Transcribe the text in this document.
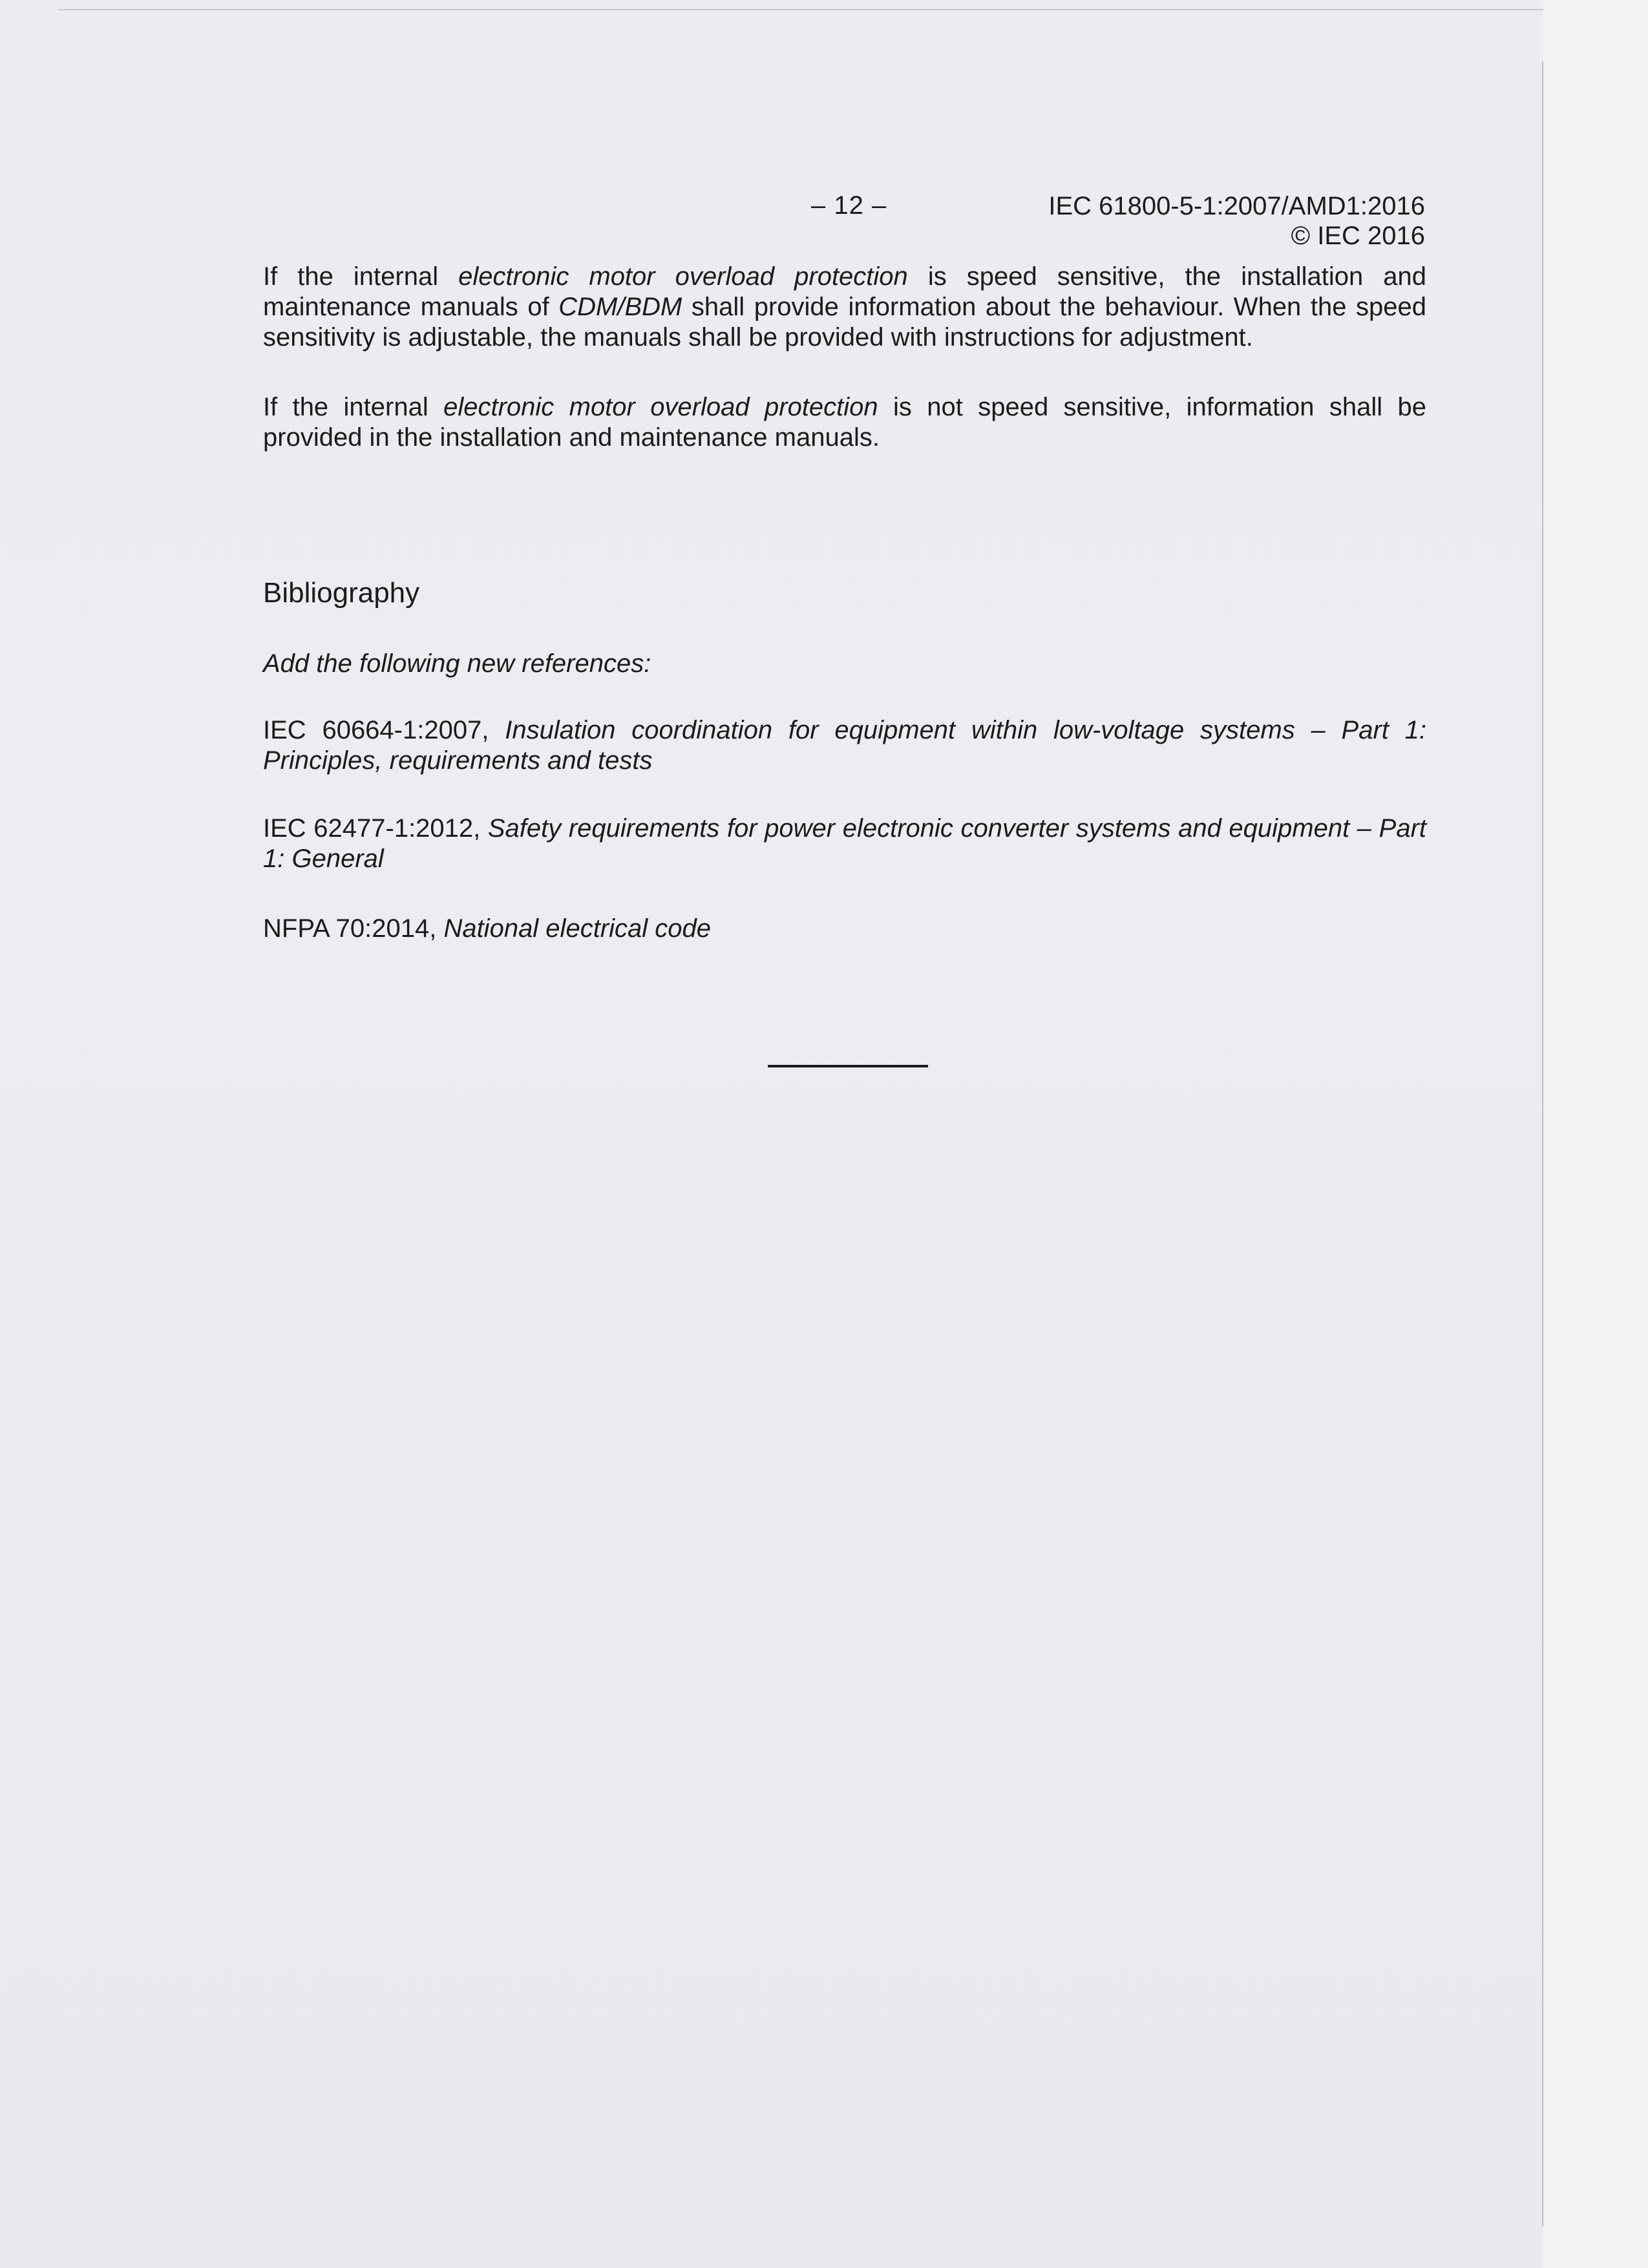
– 12 –	IEC 61800-5-1:2007/AMD1:2016
© IEC 2016

If the internal electronic motor overload protection is speed sensitive, the installation and maintenance manuals of CDM/BDM shall provide information about the behaviour. When the speed sensitivity is adjustable, the manuals shall be provided with instructions for adjustment.

If the internal electronic motor overload protection is not speed sensitive, information shall be provided in the installation and maintenance manuals.

Bibliography
Add the following new references:
IEC 60664-1:2007, Insulation coordination for equipment within low-voltage systems – Part 1: Principles, requirements and tests
IEC 62477-1:2012, Safety requirements for power electronic converter systems and equipment – Part 1: General
NFPA 70:2014, National electrical code
